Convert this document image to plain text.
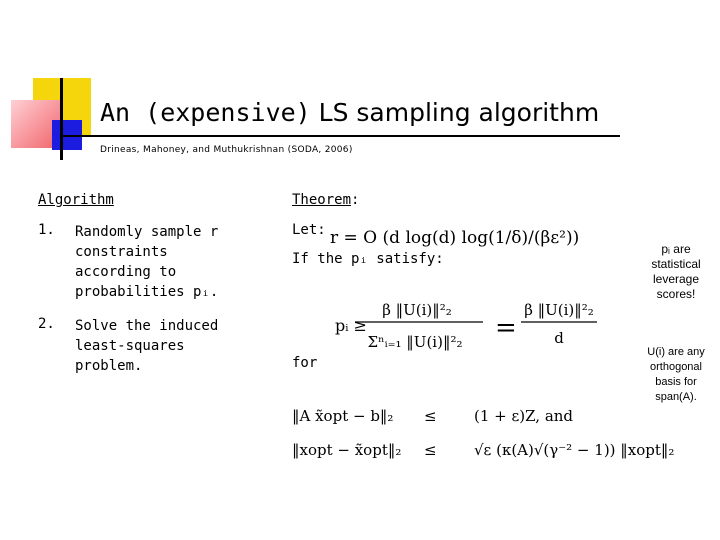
An (expensive) LS sampling algorithm
Drineas, Mahoney, and Muthukrishnan (SODA, 2006)
Algorithm
1.	Randomly sample r constraints according to probabilities pᵢ.
2.	Solve the induced least-squares problem.
Theorem:
Let:
If the pᵢ satisfy:
for
r = O (d log(d) log(1/δ)/(βε²))
pᵢ ≥
β ‖U(i)‖²₂
Σⁿᵢ₌₁ ‖U(i)‖²₂ =
β ‖U(i)‖²₂
d
‖A x̃opt − b‖₂ ≤ (1 + ε)Z, and
‖xopt − x̃opt‖₂ ≤ √ε (κ(A)√(γ⁻² − 1)) ‖xopt‖₂
pᵢ are statistical leverage scores!
U(i) are any orthogonal basis for span(A).
